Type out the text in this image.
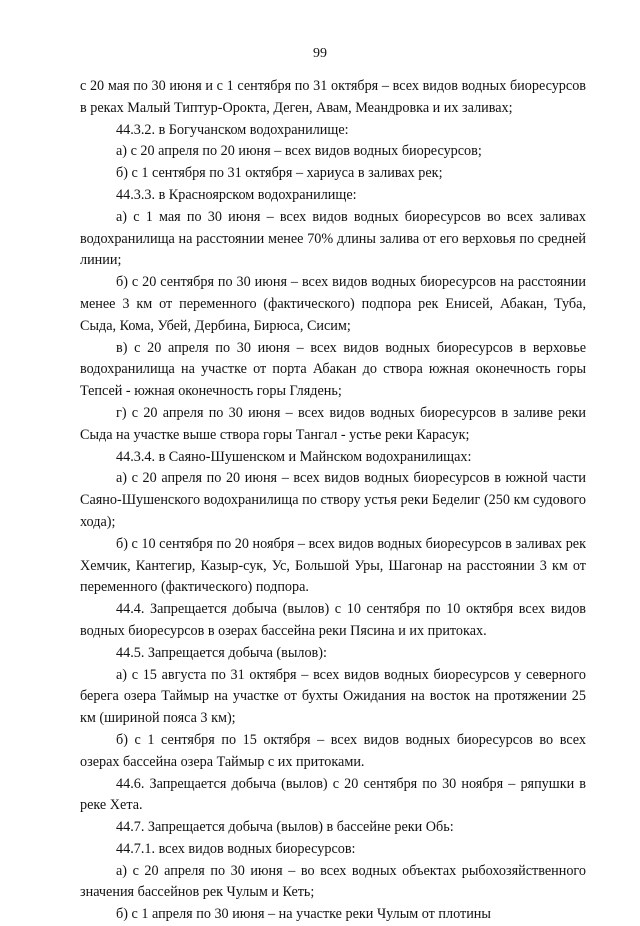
99

с 20 мая по 30 июня и с 1 сентября по 31 октября – всех видов водных биоресурсов в реках Малый Типтур-Орокта, Деген, Авам, Меандровка и их заливах;

44.3.2. в Богучанском водохранилище:

а) с 20 апреля по 20 июня – всех видов водных биоресурсов;

б) с 1 сентября по 31 октября – хариуса в заливах рек;

44.3.3. в Красноярском водохранилище:

а) с 1 мая по 30 июня – всех видов водных биоресурсов во всех заливах водохранилища на расстоянии менее 70% длины залива от его верховья по средней линии;

б) с 20 сентября по 30 июня – всех видов водных биоресурсов на расстоянии менее 3 км от переменного (фактического) подпора рек Енисей, Абакан, Туба, Сыда, Кома, Убей, Дербина, Бирюса, Сисим;

в) с 20 апреля по 30 июня – всех видов водных биоресурсов в верховье водохранилища на участке от порта Абакан до створа южная оконечность горы Тепсей - южная оконечность горы Глядень;

г) с 20 апреля по 30 июня – всех видов водных биоресурсов в заливе реки Сыда на участке выше створа горы Тангал - устье реки Карасук;

44.3.4. в Саяно-Шушенском и Майнском водохранилищах:

а) с 20 апреля по 20 июня – всех видов водных биоресурсов в южной части Саяно-Шушенского водохранилища по створу устья реки Беделиг (250 км судового хода);

б) с 10 сентября по 20 ноября – всех видов водных биоресурсов в заливах рек Хемчик, Кантегир, Казыр-сук, Ус, Большой Уры, Шагонар на расстоянии 3 км от переменного (фактического) подпора.

44.4. Запрещается добыча (вылов) с 10 сентября по 10 октября всех видов водных биоресурсов в озерах бассейна реки Пясина и их притоках.

44.5. Запрещается добыча (вылов):

а) с 15 августа по 31 октября – всех видов водных биоресурсов у северного берега озера Таймыр на участке от бухты Ожидания на восток на протяжении 25 км (шириной пояса 3 км);

б) с 1 сентября по 15 октября – всех видов водных биоресурсов во всех озерах бассейна озера Таймыр с их притоками.

44.6. Запрещается добыча (вылов) с 20 сентября по 30 ноября – ряпушки в реке Хета.

44.7. Запрещается добыча (вылов) в бассейне реки Обь:

44.7.1. всех видов водных биоресурсов:

а) с 20 апреля по 30 июня – во всех водных объектах рыбохозяйственного значения бассейнов рек Чулым и Кеть;

б) с 1 апреля по 30 июня – на участке реки Чулым от плотины
